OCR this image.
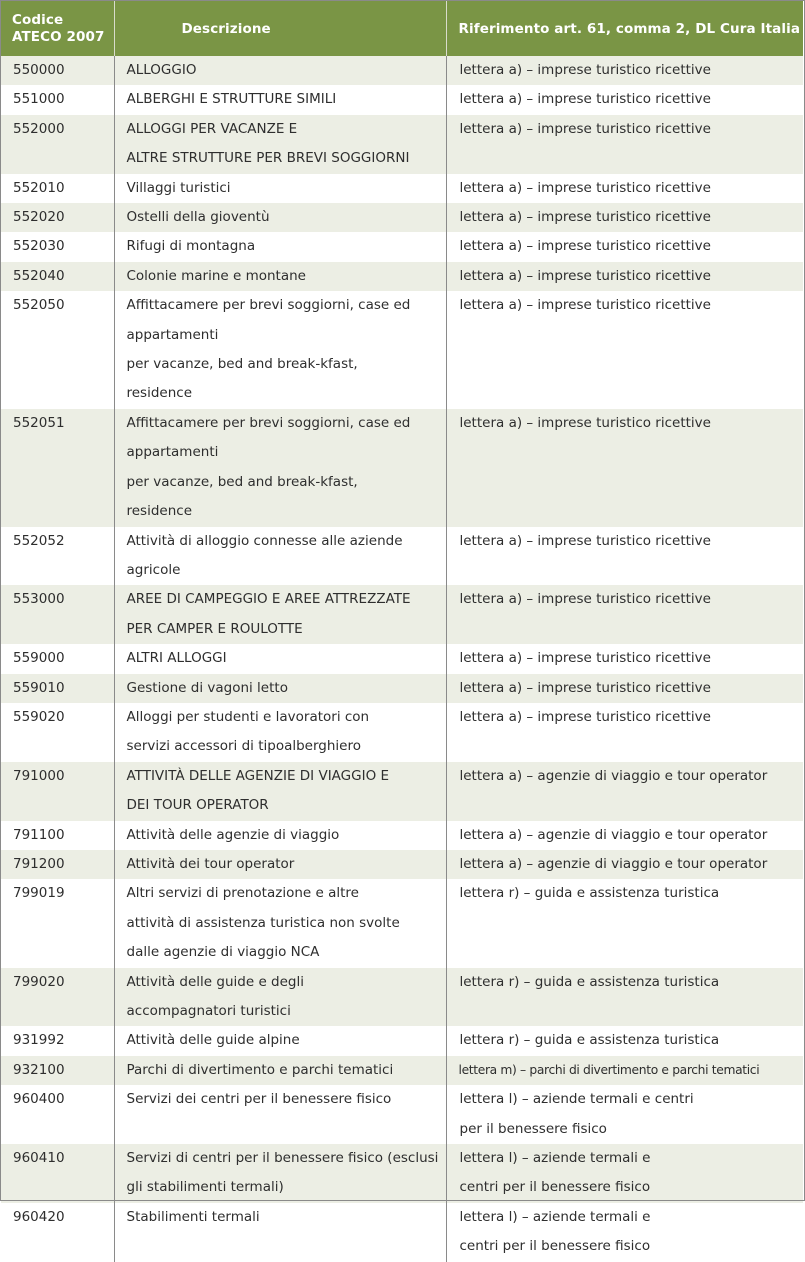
Codice
ATECO 2007	Descrizione	Riferimento art. 61, comma 2, DL Cura Italia
550000	ALLOGGIO	lettera a) – imprese turistico ricettive
551000	ALBERGHI E STRUTTURE SIMILI	lettera a) – imprese turistico ricettive
552000	ALLOGGI PER VACANZE E
ALTRE STRUTTURE PER BREVI SOGGIORNI	lettera a) – imprese turistico ricettive
552010	Villaggi turistici	lettera a) – imprese turistico ricettive
552020	Ostelli della gioventù	lettera a) – imprese turistico ricettive
552030	Rifugi di montagna	lettera a) – imprese turistico ricettive
552040	Colonie marine e montane	lettera a) – imprese turistico ricettive
552050	Affittacamere per brevi soggiorni, case ed appartamenti
per vacanze, bed and break-kfast,
residence	lettera a) – imprese turistico ricettive
552051	Affittacamere per brevi soggiorni, case ed appartamenti
per vacanze, bed and break-kfast,
residence	lettera a) – imprese turistico ricettive
552052	Attività di alloggio connesse alle aziende
agricole	lettera a) – imprese turistico ricettive
553000	AREE DI CAMPEGGIO E AREE ATTREZZATE
PER CAMPER E ROULOTTE	lettera a) – imprese turistico ricettive
559000	ALTRI ALLOGGI	lettera a) – imprese turistico ricettive
559010	Gestione di vagoni letto	lettera a) – imprese turistico ricettive
559020	Alloggi per studenti e lavoratori con
servizi accessori di tipoalberghiero	lettera a) – imprese turistico ricettive
791000	ATTIVITÀ DELLE AGENZIE DI VIAGGIO E
DEI TOUR OPERATOR	lettera a) – agenzie di viaggio e tour operator
791100	Attività delle agenzie di viaggio	lettera a) – agenzie di viaggio e tour operator
791200	Attività dei tour operator	lettera a) – agenzie di viaggio e tour operator
799019	Altri servizi di prenotazione e altre
attività di assistenza turistica non svolte
dalle agenzie di viaggio NCA	lettera r) – guida e assistenza turistica
799020	Attività delle guide e degli
accompagnatori turistici	lettera r) – guida e assistenza turistica
931992	Attività delle guide alpine	lettera r) – guida e assistenza turistica
932100	Parchi di divertimento e parchi tematici	lettera m) – parchi di divertimento e parchi tematici
960400	Servizi dei centri per il benessere fisico	lettera l) – aziende termali e centri
per il benessere fisico
960410	Servizi di centri per il benessere fisico (esclusi gli stabilimenti termali)	lettera l) – aziende termali e
centri per il benessere fisico
960420	Stabilimenti termali	lettera l) – aziende termali e
centri per il benessere fisico
